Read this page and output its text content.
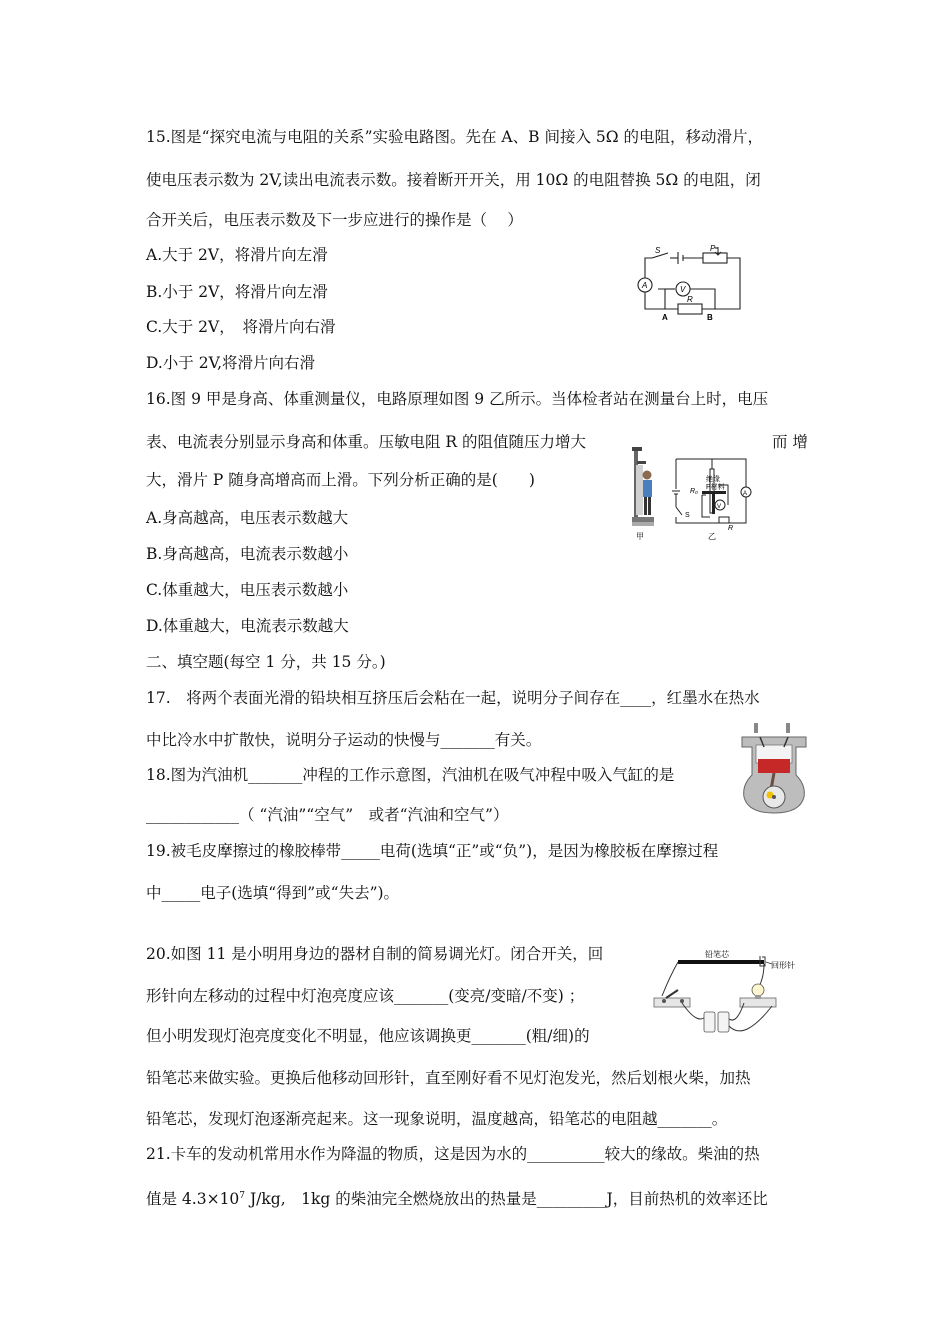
15.图是“探究电流与电阻的关系”实验电路图。先在 A、B 间接入 5Ω 的电阻，移动滑片，
使电压表示数为 2V,读出电流表示数。接着断开开关，用 10Ω 的电阻替换 5Ω 的电阻，闭
合开关后，电压表示数及下一步应进行的操作是（　 ）
A.大于 2V，将滑片向左滑
B.小于 2V，将滑片向左滑
C.大于 2V，　将滑片向右滑
D.小于 2V,将滑片向右滑
S	P
A	V
R
A	B
16.图 9 甲是身高、体重测量仪，电路原理如图 9 乙所示。当体检者站在测量台上时，电压
表、电流表分别显示身高和体重。压敏电阻 R 的阻值随压力增大	而 增
大，滑片 P 随身高增高而上滑。下列分析正确的是(　　)
A.身高越高，电压表示数越大
B.身高越高，电流表示数越小
C.体重越大，电压表示数越小
D.体重越大，电流表示数越大
甲
绝缘
P材料
R₀	A
V
S
R
乙
二、填空题(每空 1 分，共 15 分。)
17.　将两个表面光滑的铅块相互挤压后会粘在一起，说明分子间存在____，红墨水在热水
中比冷水中扩散快，说明分子运动的快慢与_______有关。
18.图为汽油机_______冲程的工作示意图，汽油机在吸气冲程中吸入气缸的是
____________（ “汽油”“空气”　或者“汽油和空气”）
19.被毛皮摩擦过的橡胶棒带_____电荷(选填“正”或“负”)，是因为橡胶板在摩擦过程
中_____电子(选填“得到”或“失去”)。
20.如图 11 是小明用身边的器材自制的简易调光灯。闭合开关，回
形针向左移动的过程中灯泡亮度应该_______(变亮/变暗/不变) ；
但小明发现灯泡亮度变化不明显，他应该调换更_______(粗/细)的
铅笔芯来做实验。更换后他移动回形针，直至刚好看不见灯泡发光，然后划根火柴，加热
铅笔芯，发现灯泡逐渐亮起来。这一现象说明，温度越高，铅笔芯的电阻越_______。
铅笔芯
回形针
21.卡车的发动机常用水作为降温的物质，这是因为水的__________较大的缘故。柴油的热
值是 $4.3\times 10^7$ J/kg,　1kg 的柴油完全燃烧放出的热量是_________J，目前热机的效率还比
